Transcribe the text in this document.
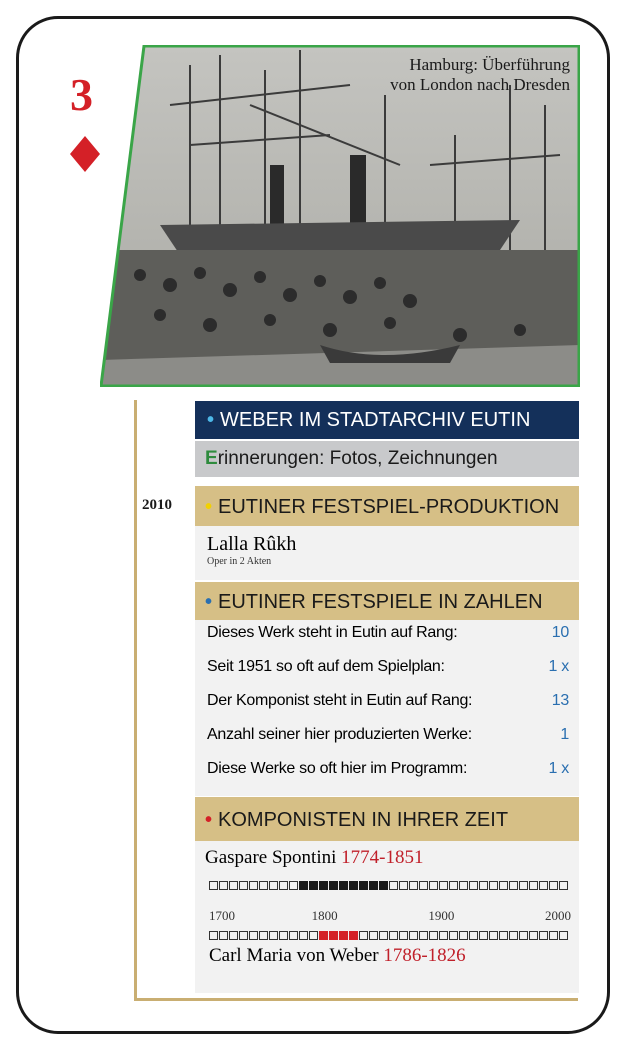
3
Hamburg: Überführung
von London nach Dresden
2010
• WEBER IM STADTARCHIV EUTIN
Erinnerungen: Fotos, Zeichnungen
• EUTINER FESTSPIEL-PRODUKTION
Lalla Rûkh
Oper in 2 Akten
• EUTINER FESTSPIELE IN ZAHLEN
Dieses Werk steht in Eutin auf Rang:	10
Seit 1951 so oft auf dem Spielplan:	1 x
Der Komponist steht in Eutin auf Rang:	13
Anzahl seiner hier produzierten Werke:	1
Diese Werke so oft hier im Programm:	1 x
• KOMPONISTEN IN IHRER ZEIT
Gaspare Spontini 1774-1851
1700	1800	1900	2000
Carl Maria von Weber 1786-1826
